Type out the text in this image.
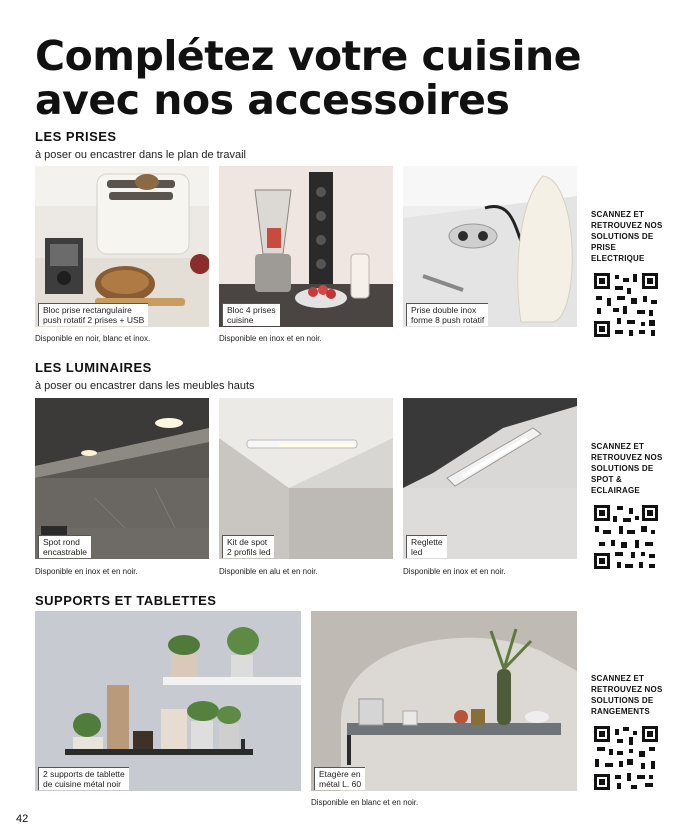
Complétez votre cuisine
avec nos accessoires
LES PRISES

à poser ou encastrer dans le plan de travail

Bloc prise rectangulaire
push rotatif 2 prises + USB

Disponible en noir, blanc et inox.

Bloc 4 prises
cuisine

Disponible en inox et en noir.

Prise double inox
forme 8 push rotatif

SCANNEZ ET
RETROUVEZ NOS
SOLUTIONS DE
PRISE ELECTRIQUE

LES LUMINAIRES

à poser ou encastrer dans les meubles hauts

Spot rond
encastrable

Disponible en inox et en noir.

Kit de spot
2 profils led

Disponible en alu et en noir.

Reglette
led

Disponible en inox et en noir.

SCANNEZ ET
RETROUVEZ NOS
SOLUTIONS DE
SPOT & ECLAIRAGE

SUPPORTS ET TABLETTES
2 supports de tablette
de cuisine métal noir
Etagère en
métal L. 60

Disponible en blanc et en noir.

SCANNEZ ET
RETROUVEZ NOS
SOLUTIONS DE
RANGEMENTS

42
